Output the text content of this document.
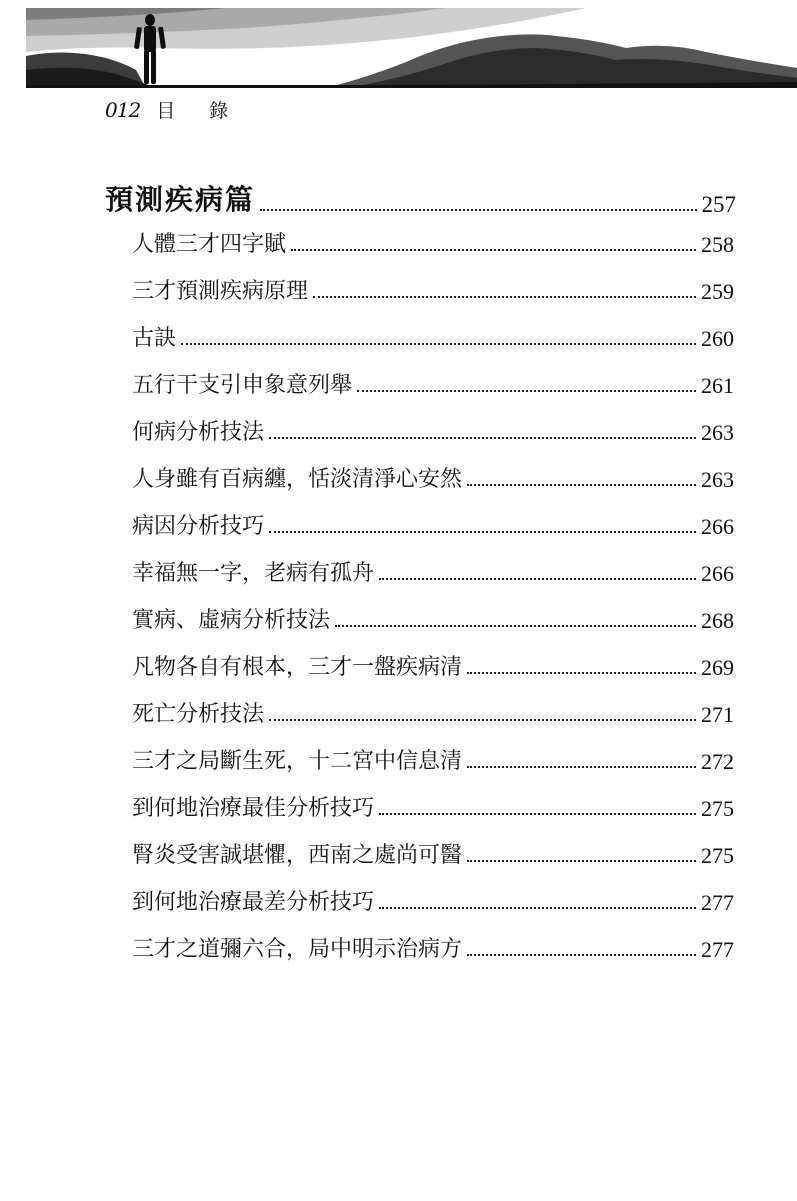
012 目 錄
預測疾病篇	257
人體三才四字賦	258
三才預測疾病原理	259
古訣	260
五行干支引申象意列舉	261
何病分析技法	263
人身雖有百病纏，恬淡清淨心安然	263
病因分析技巧	266
幸福無一字，老病有孤舟	266
實病、虛病分析技法	268
凡物各自有根本，三才一盤疾病清	269
死亡分析技法	271
三才之局斷生死，十二宮中信息清	272
到何地治療最佳分析技巧	275
腎炎受害誠堪懼，西南之處尚可醫	275
到何地治療最差分析技巧	277
三才之道彌六合，局中明示治病方	277
